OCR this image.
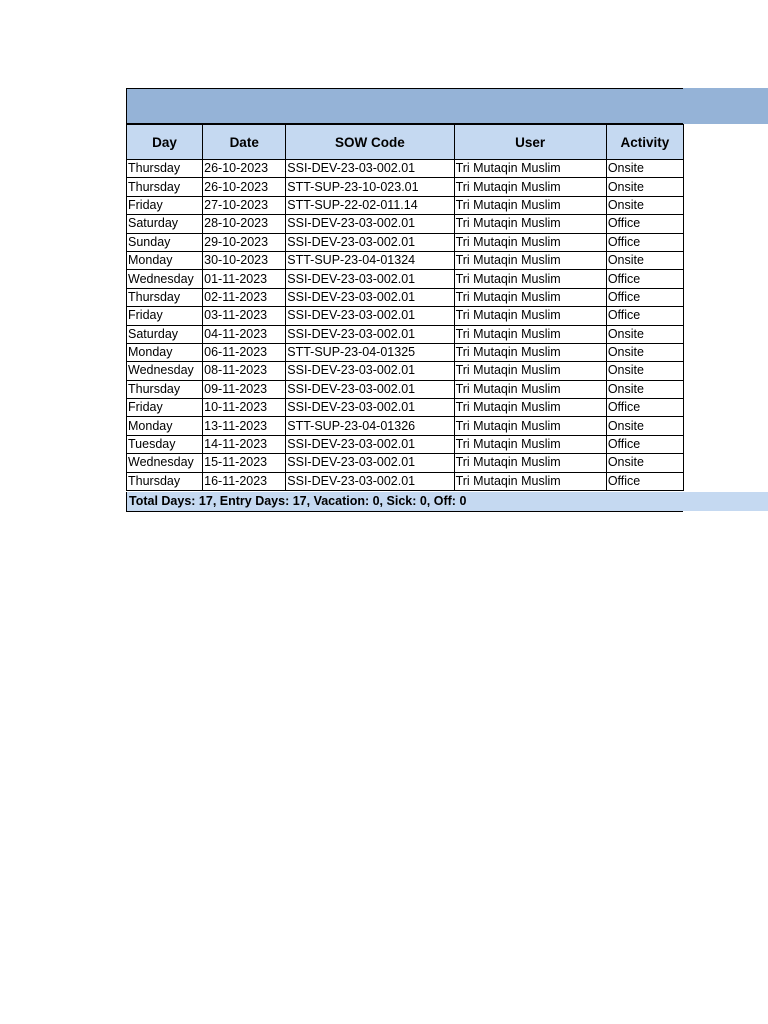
Day	Date	SOW Code	User	Activity
Thursday	26-10-2023	SSI-DEV-23-03-002.01	Tri Mutaqin Muslim	Onsite
Thursday	26-10-2023	STT-SUP-23-10-023.01	Tri Mutaqin Muslim	Onsite
Friday	27-10-2023	STT-SUP-22-02-011.14	Tri Mutaqin Muslim	Onsite
Saturday	28-10-2023	SSI-DEV-23-03-002.01	Tri Mutaqin Muslim	Office
Sunday	29-10-2023	SSI-DEV-23-03-002.01	Tri Mutaqin Muslim	Office
Monday	30-10-2023	STT-SUP-23-04-01324	Tri Mutaqin Muslim	Onsite
Wednesday	01-11-2023	SSI-DEV-23-03-002.01	Tri Mutaqin Muslim	Office
Thursday	02-11-2023	SSI-DEV-23-03-002.01	Tri Mutaqin Muslim	Office
Friday	03-11-2023	SSI-DEV-23-03-002.01	Tri Mutaqin Muslim	Office
Saturday	04-11-2023	SSI-DEV-23-03-002.01	Tri Mutaqin Muslim	Onsite
Monday	06-11-2023	STT-SUP-23-04-01325	Tri Mutaqin Muslim	Onsite
Wednesday	08-11-2023	SSI-DEV-23-03-002.01	Tri Mutaqin Muslim	Onsite
Thursday	09-11-2023	SSI-DEV-23-03-002.01	Tri Mutaqin Muslim	Onsite
Friday	10-11-2023	SSI-DEV-23-03-002.01	Tri Mutaqin Muslim	Office
Monday	13-11-2023	STT-SUP-23-04-01326	Tri Mutaqin Muslim	Onsite
Tuesday	14-11-2023	SSI-DEV-23-03-002.01	Tri Mutaqin Muslim	Office
Wednesday	15-11-2023	SSI-DEV-23-03-002.01	Tri Mutaqin Muslim	Onsite
Thursday	16-11-2023	SSI-DEV-23-03-002.01	Tri Mutaqin Muslim	Office
Total Days: 17, Entry Days: 17, Vacation: 0, Sick: 0, Off: 0
